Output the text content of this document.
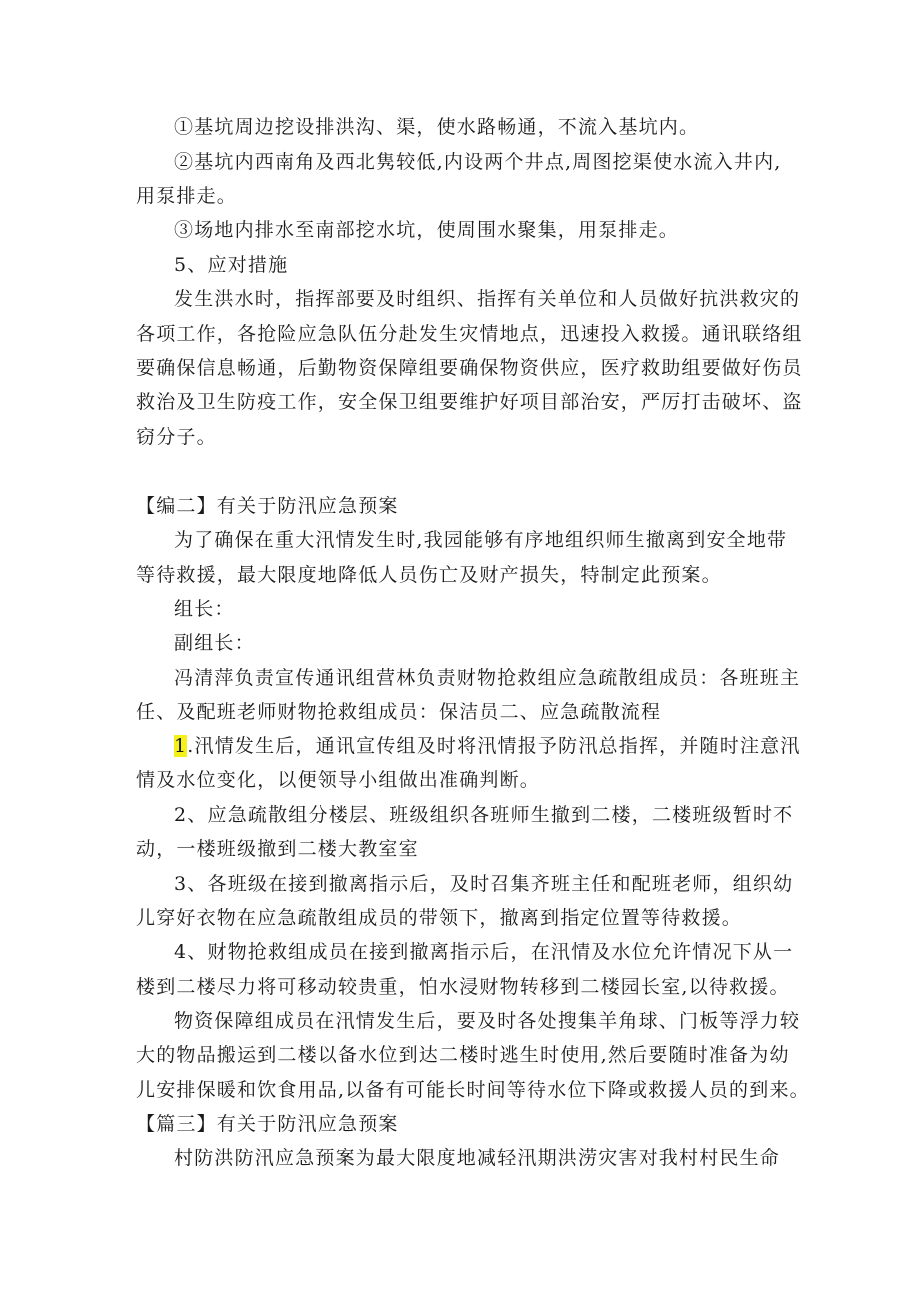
①基坑周边挖设排洪沟、渠，使水路畅通，不流入基坑内。
②基坑内西南角及西北隽较低,内设两个井点,周图挖渠使水流入井内,
用泵排走。
③场地内排水至南部挖水坑，使周围水聚集，用泵排走。
5、应对措施
发生洪水时，指挥部要及时组织、指挥有关单位和人员做好抗洪救灾的
各项工作，各抢险应急队伍分赴发生灾情地点，迅速投入救援。通讯联络组
要确保信息畅通，后勤物资保障组要确保物资供应，医疗救助组要做好伤员
救治及卫生防疫工作，安全保卫组要维护好项目部治安，严厉打击破坏、盗
窃分子。
【编二】有关于防汛应急预案
为了确保在重大汛情发生时,我园能够有序地组织师生撤离到安全地带
等待救援，最大限度地降低人员伤亡及财产损失，特制定此预案。
组长：
副组长：
冯清萍负责宣传通讯组营林负责财物抢救组应急疏散组成员：各班班主
任、及配班老师财物抢救组成员：保洁员二、应急疏散流程
1.汛情发生后，通讯宣传组及时将汛情报予防汛总指挥，并随时注意汛
情及水位变化，以便领导小组做出准确判断。
2、应急疏散组分楼层、班级组织各班师生撤到二楼，二楼班级暂时不
动，一楼班级撤到二楼大教室室
3、各班级在接到撤离指示后，及时召集齐班主任和配班老师，组织幼
儿穿好衣物在应急疏散组成员的带领下，撤离到指定位置等待救援。
4、财物抢救组成员在接到撤离指示后，在汛情及水位允许情况下从一
楼到二楼尽力将可移动较贵重，怕水浸财物转移到二楼园长室,以待救援。
物资保障组成员在汛情发生后，要及时各处搜集羊角球、门板等浮力较
大的物品搬运到二楼以备水位到达二楼时逃生时使用,然后要随时准备为幼
儿安排保暖和饮食用品,以备有可能长时间等待水位下降或救援人员的到来。
【篇三】有关于防汛应急预案
村防洪防汛应急预案为最大限度地减轻汛期洪涝灾害对我村村民生命
